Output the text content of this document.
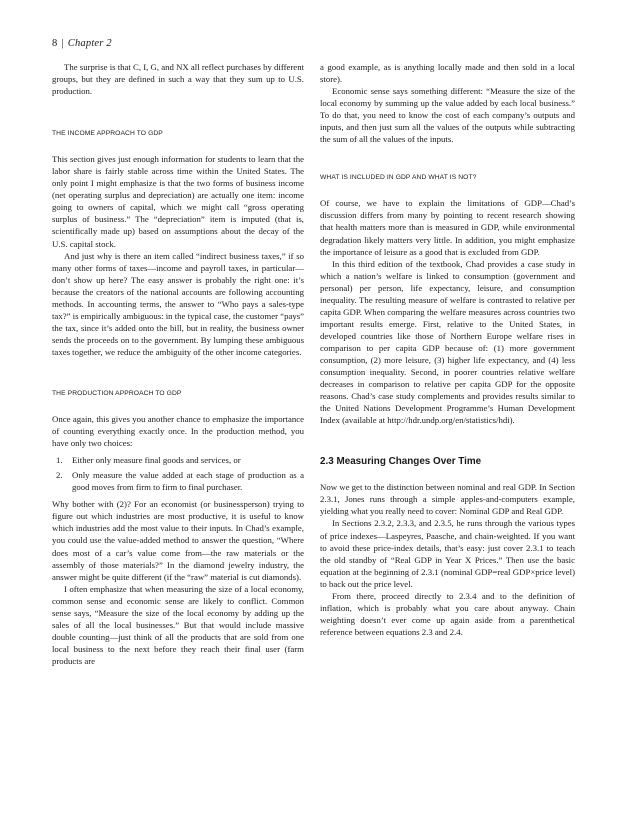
8 | Chapter 2

The surprise is that C, I, G, and NX all reflect purchases by different groups, but they are defined in such a way that they sum up to U.S. production.

THE INCOME APPROACH TO GDP

This section gives just enough information for students to learn that the labor share is fairly stable across time within the United States. The only point I might emphasize is that the two forms of business income (net operating surplus and depreciation) are actually one item: income going to owners of capital, which we might call “gross operating surplus of business.” The “depreciation” item is imputed (that is, scientifically made up) based on assumptions about the decay of the U.S. capital stock.

And just why is there an item called “indirect business taxes,” if so many other forms of taxes—income and payroll taxes, in particular—don’t show up here? The easy answer is probably the right one: it’s because the creators of the national accounts are following accounting methods. In accounting terms, the answer to “Who pays a sales-type tax?” is empirically ambiguous: in the typical case, the customer “pays” the tax, since it’s added onto the bill, but in reality, the business owner sends the proceeds on to the government. By lumping these ambiguous taxes together, we reduce the ambiguity of the other income categories.

THE PRODUCTION APPROACH TO GDP

Once again, this gives you another chance to emphasize the importance of counting everything exactly once. In the production method, you have only two choices:

1.	Either only measure final goods and services, or
2.	Only measure the value added at each stage of production as a good moves from firm to firm to final purchaser.

Why bother with (2)? For an economist (or businessperson) trying to figure out which industries are most productive, it is useful to know which industries add the most value to their inputs. In Chad’s example, you could use the value-added method to answer the question, “Where does most of a car’s value come from—the raw materials or the assembly of those materials?” In the diamond jewelry industry, the answer might be quite different (if the “raw” material is cut diamonds).

I often emphasize that when measuring the size of a local economy, common sense and economic sense are likely to conflict. Common sense says, “Measure the size of the local economy by adding up the sales of all the local businesses.” But that would include massive double counting—just think of all the products that are sold from one local business to the next before they reach their final user (farm products are

a good example, as is anything locally made and then sold in a local store).

Economic sense says something different: “Measure the size of the local economy by summing up the value added by each local business.” To do that, you need to know the cost of each company’s outputs and inputs, and then just sum all the values of the outputs while subtracting the sum of all the values of the inputs.

WHAT IS INCLUDED IN GDP AND WHAT IS NOT?

Of course, we have to explain the limitations of GDP—Chad’s discussion differs from many by pointing to recent research showing that health matters more than is measured in GDP, while environmental degradation likely matters very little. In addition, you might emphasize the importance of leisure as a good that is excluded from GDP.

In this third edition of the textbook, Chad provides a case study in which a nation’s welfare is linked to consumption (government and personal) per person, life expectancy, leisure, and consumption inequality. The resulting measure of welfare is contrasted to relative per capita GDP. When comparing the welfare measures across countries two important results emerge. First, relative to the United States, in developed countries like those of Northern Europe welfare rises in comparison to per capita GDP because of: (1) more government consumption, (2) more leisure, (3) higher life expectancy, and (4) less consumption inequality. Second, in poorer countries relative welfare decreases in comparison to relative per capita GDP for the opposite reasons. Chad’s case study complements and provides results similar to the United Nations Development Programme’s Human Development Index (available at http://hdr.undp.org/en/statistics/hdi).

2.3 Measuring Changes Over Time

Now we get to the distinction between nominal and real GDP. In Section 2.3.1, Jones runs through a simple apples-and-computers example, yielding what you really need to cover: Nominal GDP and Real GDP.

In Sections 2.3.2, 2.3.3, and 2.3.5, he runs through the various types of price indexes—Laspeyres, Paasche, and chain-weighted. If you want to avoid these price-index details, that’s easy: just cover 2.3.1 to teach the old standby of “Real GDP in Year X Prices.” Then use the basic equation at the beginning of 2.3.1 (nominal GDP=real GDP×price level) to back out the price level.

From there, proceed directly to 2.3.4 and to the definition of inflation, which is probably what you care about anyway. Chain weighting doesn’t ever come up again aside from a parenthetical reference between equations 2.3 and 2.4.
